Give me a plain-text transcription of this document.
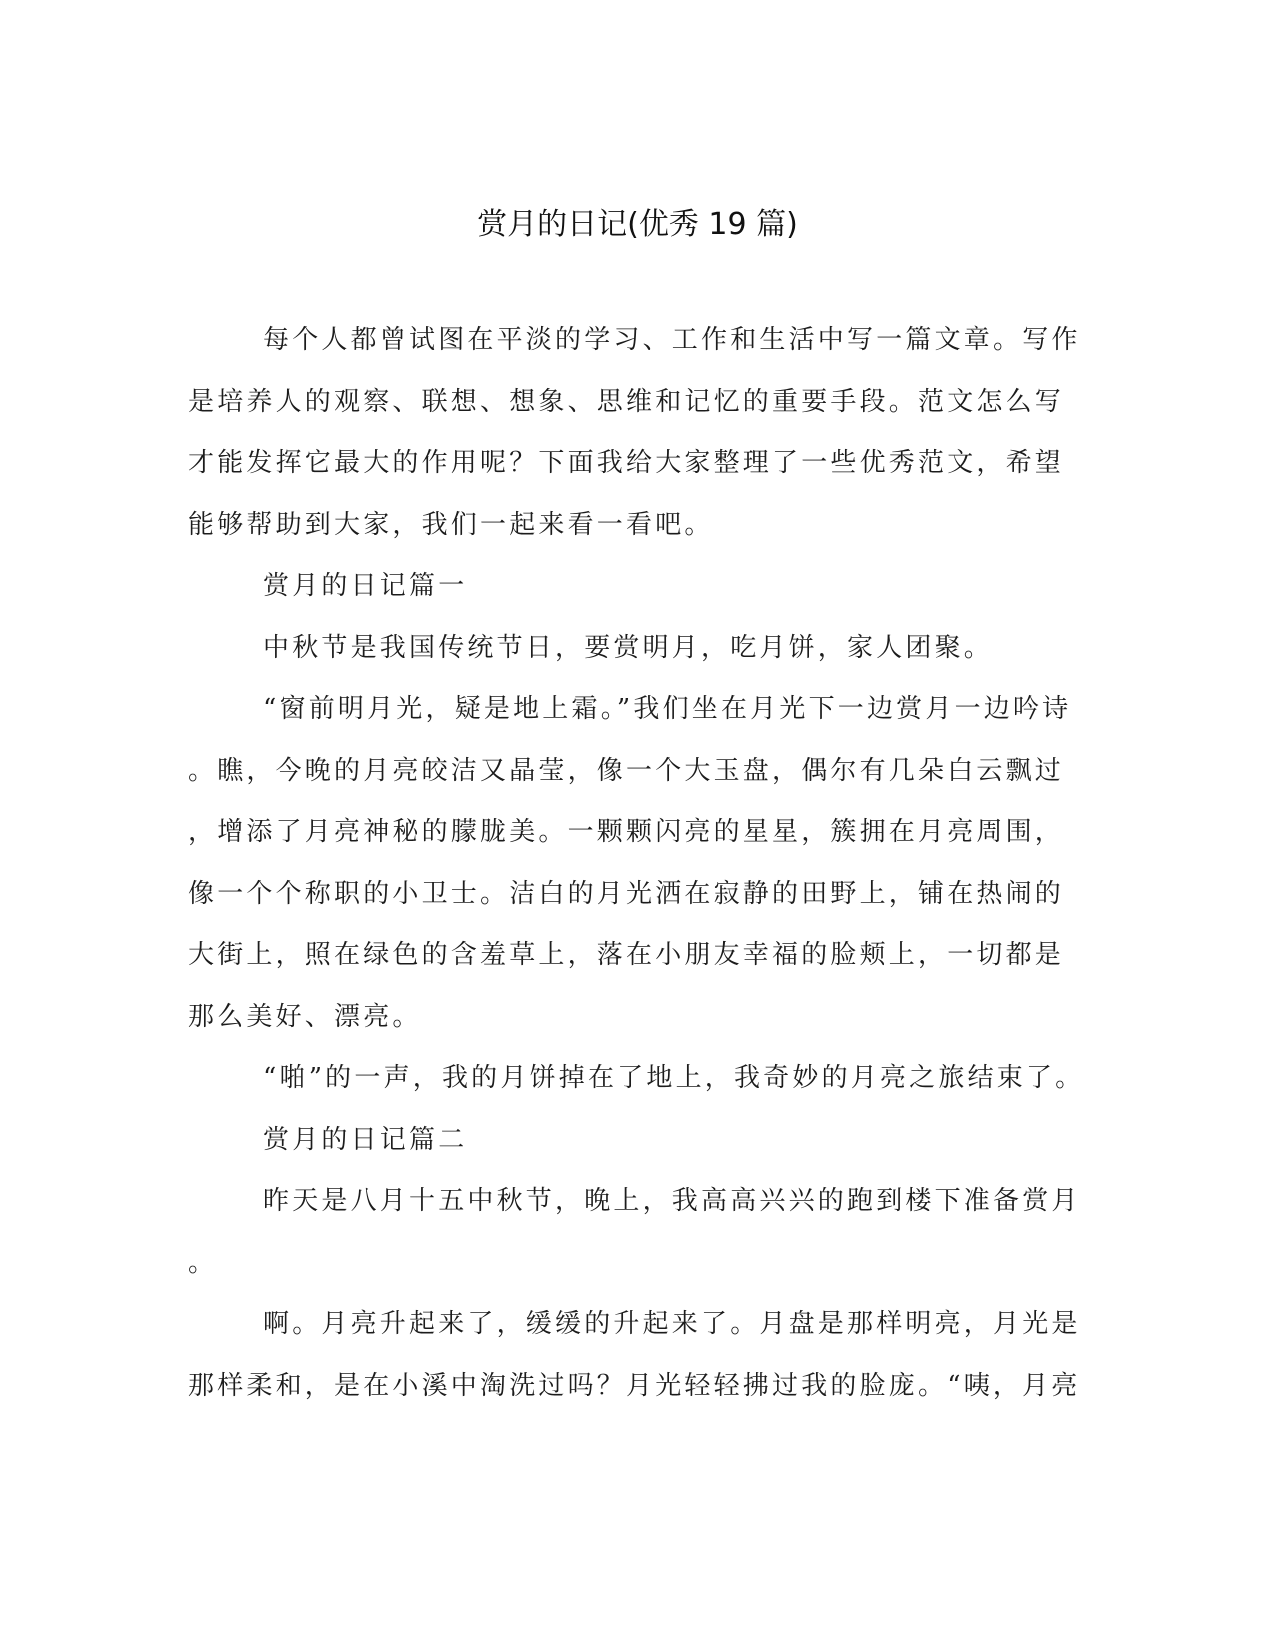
赏月的日记(优秀 19 篇)
每个人都曾试图在平淡的学习、工作和生活中写一篇文章。写作
是培养人的观察、联想、想象、思维和记忆的重要手段。范文怎么写
才能发挥它最大的作用呢？下面我给大家整理了一些优秀范文，希望
能够帮助到大家，我们一起来看一看吧。
赏月的日记篇一
中秋节是我国传统节日，要赏明月，吃月饼，家人团聚。
“窗前明月光，疑是地上霜。”我们坐在月光下一边赏月一边吟诗
。瞧，今晚的月亮皎洁又晶莹，像一个大玉盘，偶尔有几朵白云飘过
，增添了月亮神秘的朦胧美。一颗颗闪亮的星星，簇拥在月亮周围，
像一个个称职的小卫士。洁白的月光洒在寂静的田野上，铺在热闹的
大街上，照在绿色的含羞草上，落在小朋友幸福的脸颊上，一切都是
那么美好、漂亮。
“啪”的一声，我的月饼掉在了地上，我奇妙的月亮之旅结束了。
赏月的日记篇二
昨天是八月十五中秋节，晚上，我高高兴兴的跑到楼下准备赏月
。
啊。月亮升起来了，缓缓的升起来了。月盘是那样明亮，月光是
那样柔和，是在小溪中淘洗过吗？月光轻轻拂过我的脸庞。“咦，月亮
